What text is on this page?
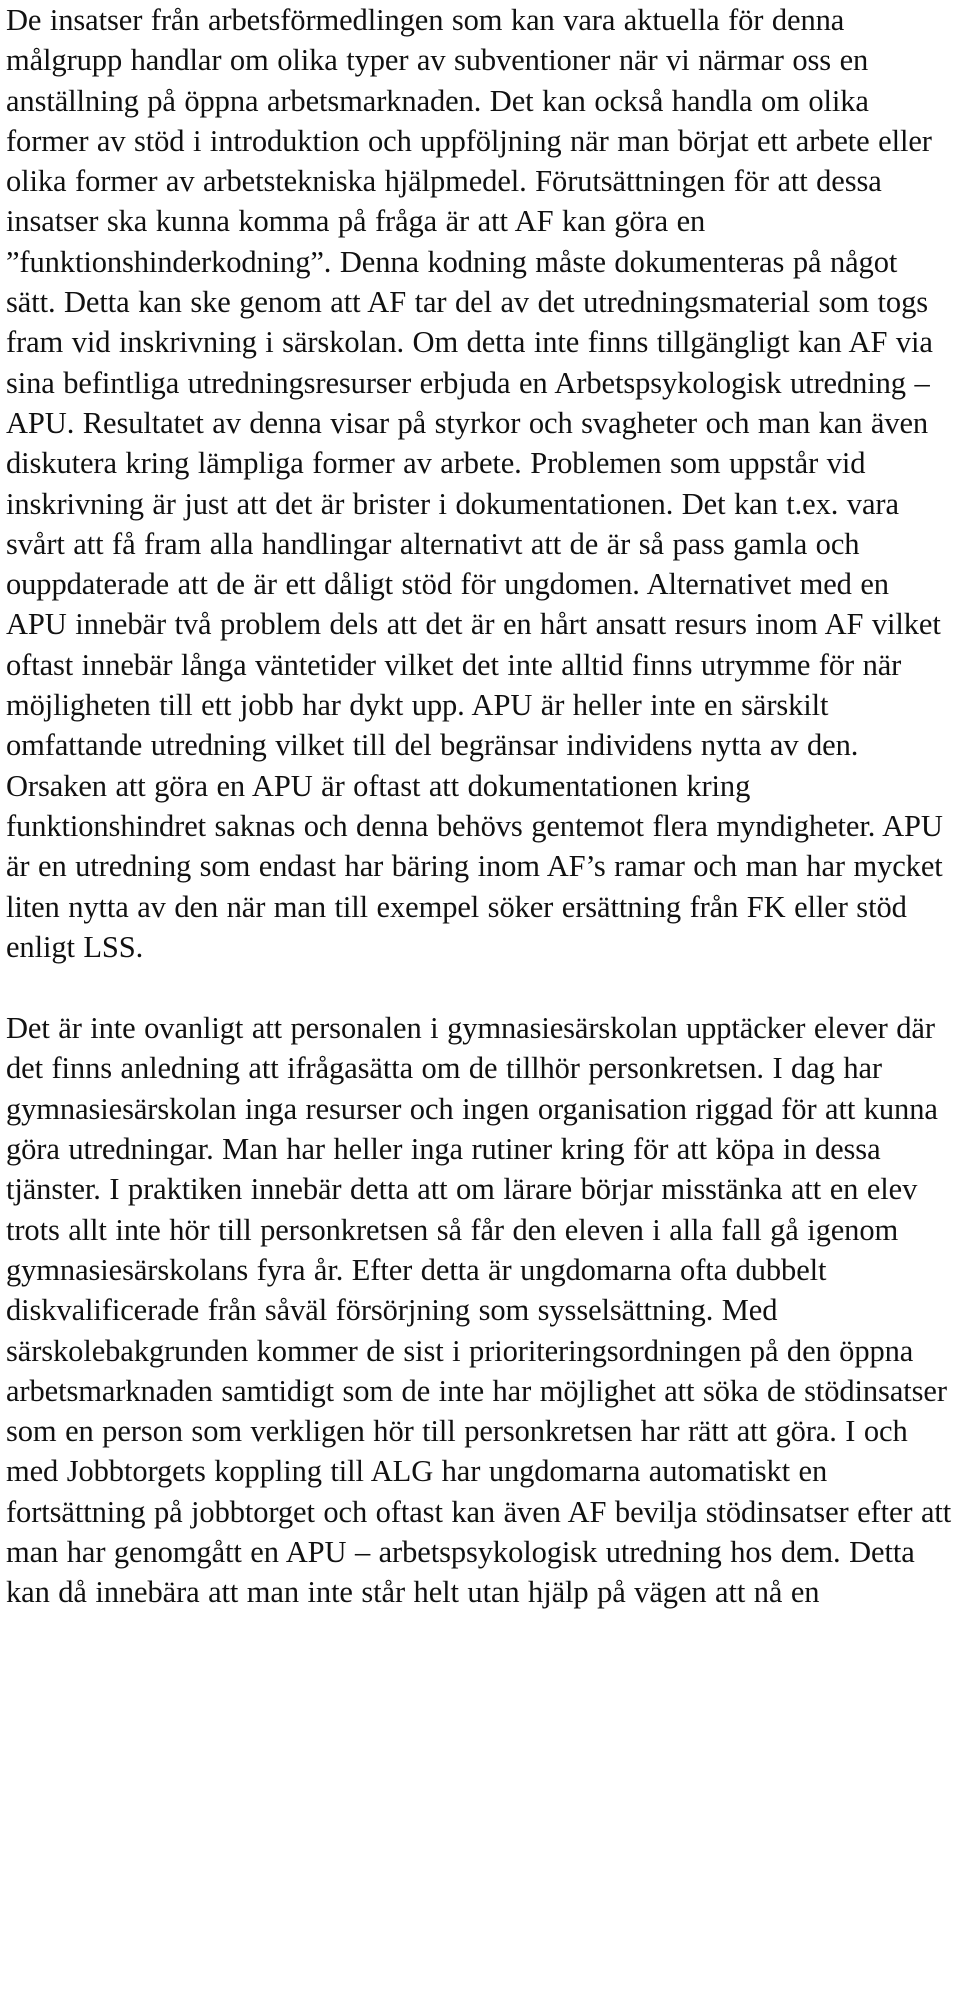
De insatser från arbetsförmedlingen som kan vara aktuella för denna målgrupp handlar om olika typer av subventioner när vi närmar oss en anställning på öppna arbetsmarknaden. Det kan också handla om olika former av stöd i introduktion och uppföljning när man börjat ett arbete eller olika former av arbetstekniska hjälpmedel. Förutsättningen för att dessa insatser ska kunna komma på fråga är att AF kan göra en ”funktionshinderkodning”. Denna kodning måste dokumenteras på något sätt. Detta kan ske genom att AF tar del av det utredningsmaterial som togs fram vid inskrivning i särskolan. Om detta inte finns tillgängligt kan AF via sina befintliga utredningsresurser erbjuda en Arbetspsykologisk utredning – APU. Resultatet av denna visar på styrkor och svagheter och man kan även diskutera kring lämpliga former av arbete. Problemen som uppstår vid inskrivning är just att det är brister i dokumentationen. Det kan t.ex. vara svårt att få fram alla handlingar alternativt att de är så pass gamla och ouppdaterade att de är ett dåligt stöd för ungdomen. Alternativet med en APU innebär två problem dels att det är en hårt ansatt resurs inom AF vilket oftast innebär långa väntetider vilket det inte alltid finns utrymme för när möjligheten till ett jobb har dykt upp. APU är heller inte en särskilt omfattande utredning vilket till del begränsar individens nytta av den. Orsaken att göra en APU är oftast att dokumentationen kring funktionshindret saknas och denna behövs gentemot flera myndigheter. APU är en utredning som endast har bäring inom AF’s ramar och man har mycket liten nytta av den när man till exempel söker ersättning från FK eller stöd enligt LSS.

Det är inte ovanligt att personalen i gymnasiesärskolan upptäcker elever där det finns anledning att ifrågasätta om de tillhör personkretsen. I dag har gymnasiesärskolan inga resurser och ingen organisation riggad för att kunna göra utredningar. Man har heller inga rutiner kring för att köpa in dessa tjänster. I praktiken innebär detta att om lärare börjar misstänka att en elev trots allt inte hör till personkretsen så får den eleven i alla fall gå igenom gymnasiesärskolans fyra år. Efter detta är ungdomarna ofta dubbelt diskvalificerade från såväl försörjning som sysselsättning. Med särskolebakgrunden kommer de sist i prioriteringsordningen på den öppna arbetsmarknaden samtidigt som de inte har möjlighet att söka de stödinsatser som en person som verkligen hör till personkretsen har rätt att göra. I och med Jobbtorgets koppling till ALG har ungdomarna automatiskt en fortsättning på jobbtorget och oftast kan även AF bevilja stödinsatser efter att man har genomgått en APU – arbetspsykologisk utredning hos dem. Detta kan då innebära att man inte står helt utan hjälp på vägen att nå en
